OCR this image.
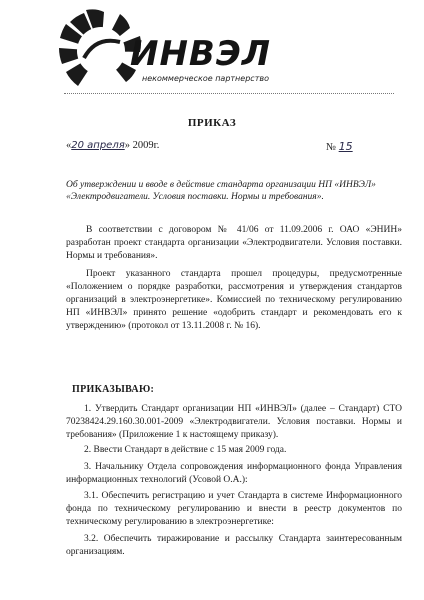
ИНВЭЛ
некоммерческое партнерство
ПРИКАЗ
«20 апреля» 2009г.	№ 15
Об утверждении и вводе в действие стандарта организации НП «ИНВЭЛ» «Электродвигатели. Условия поставки. Нормы и требования».
В соответствии с договором № 41/06 от 11.09.2006 г. ОАО «ЭНИН» разработан проект стандарта организации «Электродвигатели. Условия поставки. Нормы и требования».
Проект указанного стандарта прошел процедуры, предусмотренные «Положением о порядке разработки, рассмотрения и утверждения стандартов организаций в электроэнергетике». Комиссией по техническому регулированию НП «ИНВЭЛ» принято решение «одобрить стандарт и рекомендовать его к утверждению» (протокол от 13.11.2008 г. № 16).
ПРИКАЗЫВАЮ:
1. Утвердить Стандарт организации НП «ИНВЭЛ» (далее – Стандарт) СТО 70238424.29.160.30.001-2009 «Электродвигатели. Условия поставки. Нормы и требования» (Приложение 1 к настоящему приказу).
2. Ввести Стандарт в действие с 15 мая 2009 года.
3. Начальнику Отдела сопровождения информационного фонда Управления информационных технологий (Усовой О.А.):
3.1. Обеспечить регистрацию и учет Стандарта в системе Информационного фонда по техническому регулированию и внести в реестр документов по техническому регулированию в электроэнергетике:
3.2. Обеспечить тиражирование и рассылку Стандарта заинтересованным организациям.
